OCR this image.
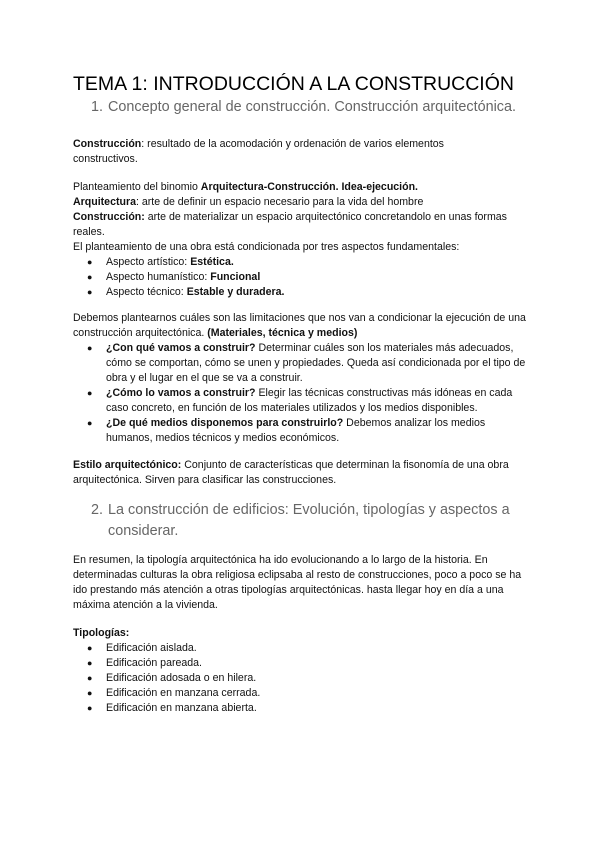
TEMA 1: INTRODUCCIÓN A LA CONSTRUCCIÓN
1. Concepto general de construcción. Construcción arquitectónica.

Construcción: resultado de la acomodación y ordenación de varios elementos constructivos.

Planteamiento del binomio Arquitectura-Construcción. Idea-ejecución.
Arquitectura: arte de definir un espacio necesario para la vida del hombre
Construcción: arte de materializar un espacio arquitectónico concretandolo en unas formas reales.
El planteamiento de una obra está condicionada por tres aspectos fundamentales:
● Aspecto artístico: Estética.
● Aspecto humanístico: Funcional
● Aspecto técnico: Estable y duradera.
Debemos plantearnos cuáles son las limitaciones que nos van a condicionar la ejecución de una construcción arquitectónica. (Materiales, técnica y medios)
● ¿Con qué vamos a construir? Determinar cuáles son los materiales más adecuados, cómo se comportan, cómo se unen y propiedades. Queda así condicionada por el tipo de obra y el lugar en el que se va a construir.
● ¿Cómo lo vamos a construir? Elegir las técnicas constructivas más idóneas en cada caso concreto, en función de los materiales utilizados y los medios disponibles.
● ¿De qué medios disponemos para construirlo? Debemos analizar los medios humanos, medios técnicos y medios económicos.

Estilo arquitectónico: Conjunto de características que determinan la fisonomía de una obra arquitectónica. Sirven para clasificar las construcciones.

2. La construcción de edificios: Evolución, tipologías y aspectos a
considerar.

En resumen, la tipología arquitectónica ha ido evolucionando a lo largo de la historia. En determinadas culturas la obra religiosa eclipsaba al resto de construcciones, poco a poco se ha ido prestando más atención a otras tipologías arquitectónicas. hasta llegar hoy en día a una máxima atención a la vivienda.

Tipologías:
● Edificación aislada.
● Edificación pareada.
● Edificación adosada o en hilera.
● Edificación en manzana cerrada.
● Edificación en manzana abierta.
